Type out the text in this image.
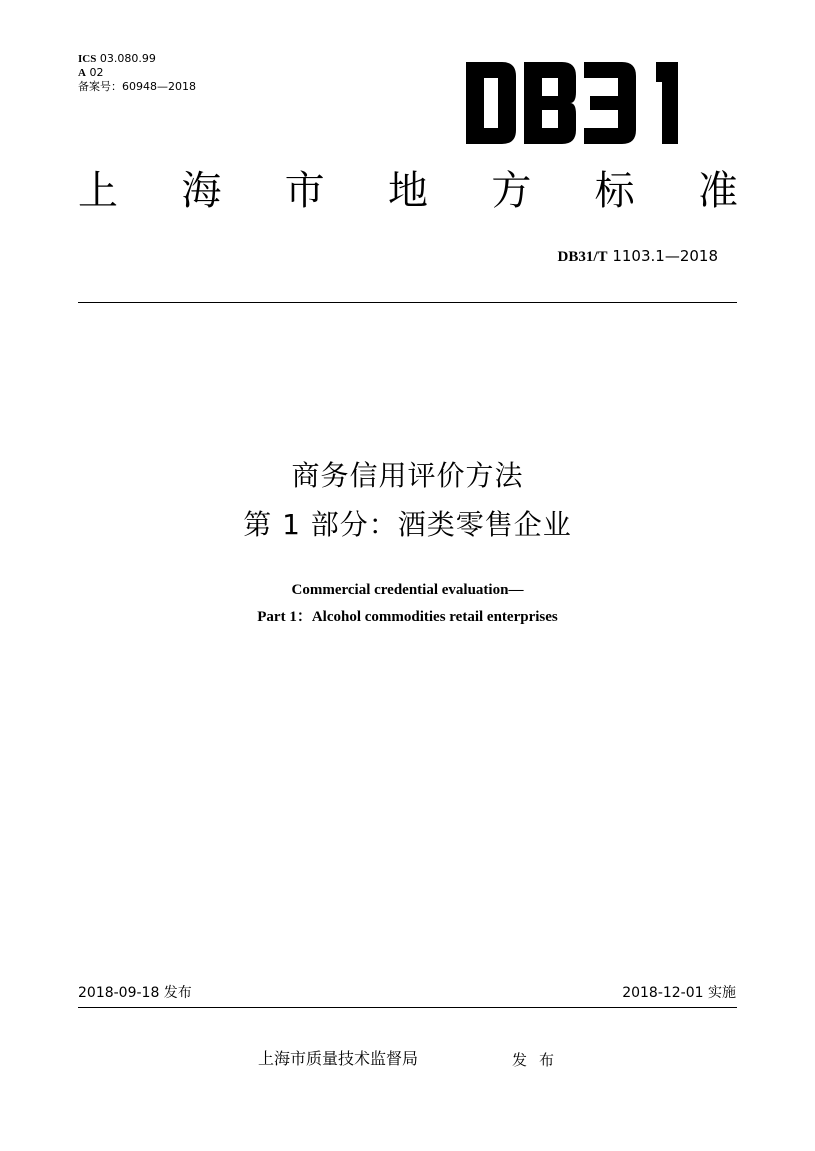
ICS 03.080.99
A 02
备案号：60948—2018
上 海 市 地 方 标 准
DB31/T 1103.1—2018
商务信用评价方法
第 1 部分：酒类零售企业
Commercial credential evaluation—
Part 1：Alcohol commodities retail enterprises
2018-09-18 发布	2018-12-01 实施
上海市质量技术监督局	发布
